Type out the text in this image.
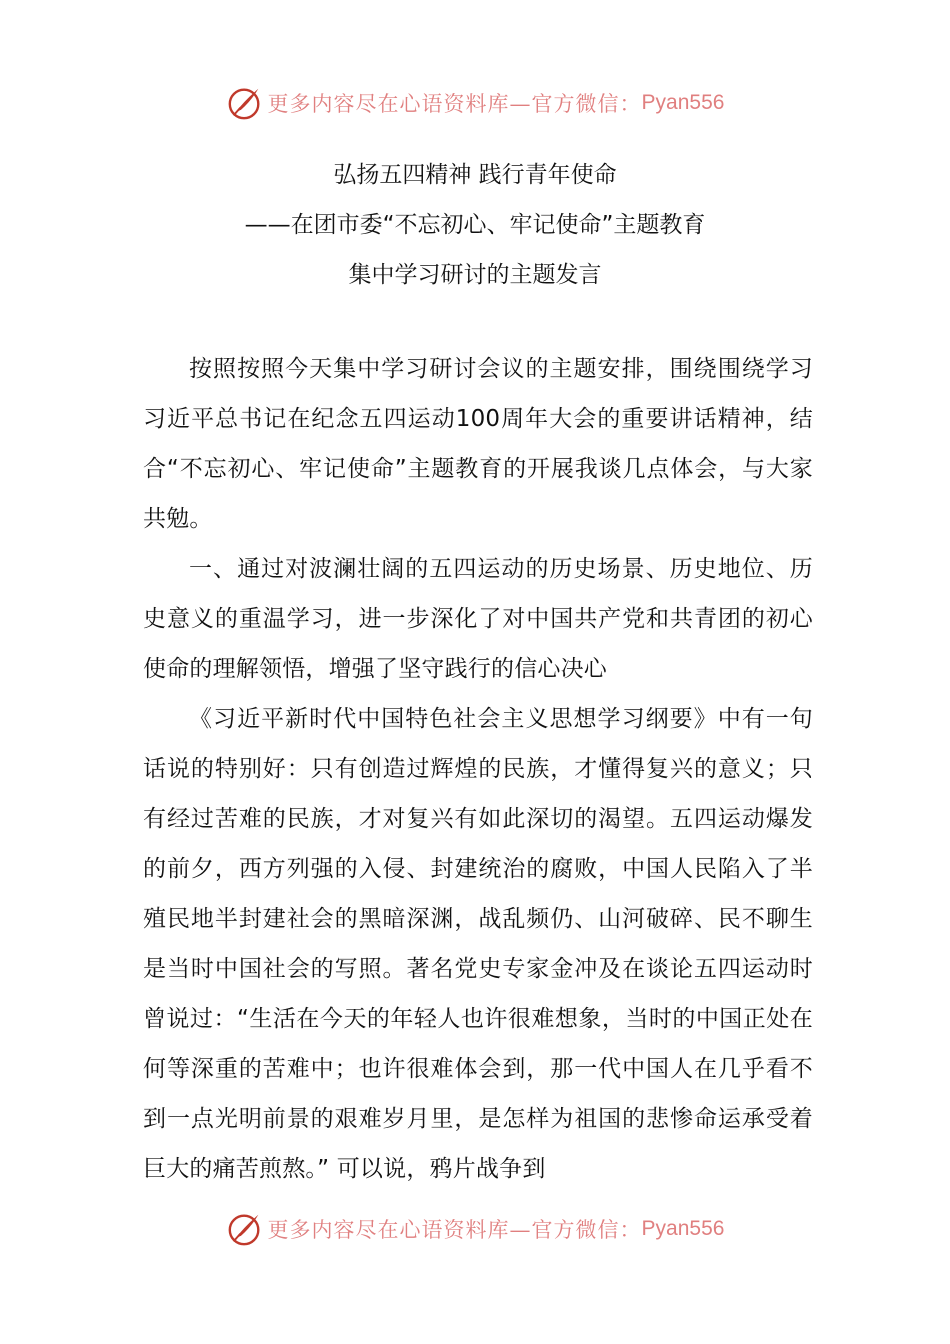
更多内容尽在心语资料库—官方微信： Pyan556
弘扬五四精神 践行青年使命
——在团市委“不忘初心、牢记使命”主题教育
集中学习研讨的主题发言

按照按照今天集中学习研讨会议的主题安排，围绕围绕学习习近平总书记在纪念五四运动100周年大会的重要讲话精神，结合“不忘初心、牢记使命”主题教育的开展我谈几点体会，与大家共勉。

一、通过对波澜壮阔的五四运动的历史场景、历史地位、历史意义的重温学习，进一步深化了对中国共产党和共青团的初心使命的理解领悟，增强了坚守践行的信心决心

《习近平新时代中国特色社会主义思想学习纲要》中有一句话说的特别好：只有创造过辉煌的民族，才懂得复兴的意义；只有经过苦难的民族，才对复兴有如此深切的渴望。五四运动爆发的前夕，西方列强的入侵、封建统治的腐败，中国人民陷入了半殖民地半封建社会的黑暗深渊，战乱频仍、山河破碎、民不聊生是当时中国社会的写照。著名党史专家金冲及在谈论五四运动时曾说过：“生活在今天的年轻人也许很难想象，当时的中国正处在何等深重的苦难中；也许很难体会到，那一代中国人在几乎看不到一点光明前景的艰难岁月里，是怎样为祖国的悲惨命运承受着巨大的痛苦煎熬。” 可以说，鸦片战争到

更多内容尽在心语资料库—官方微信： Pyan556
